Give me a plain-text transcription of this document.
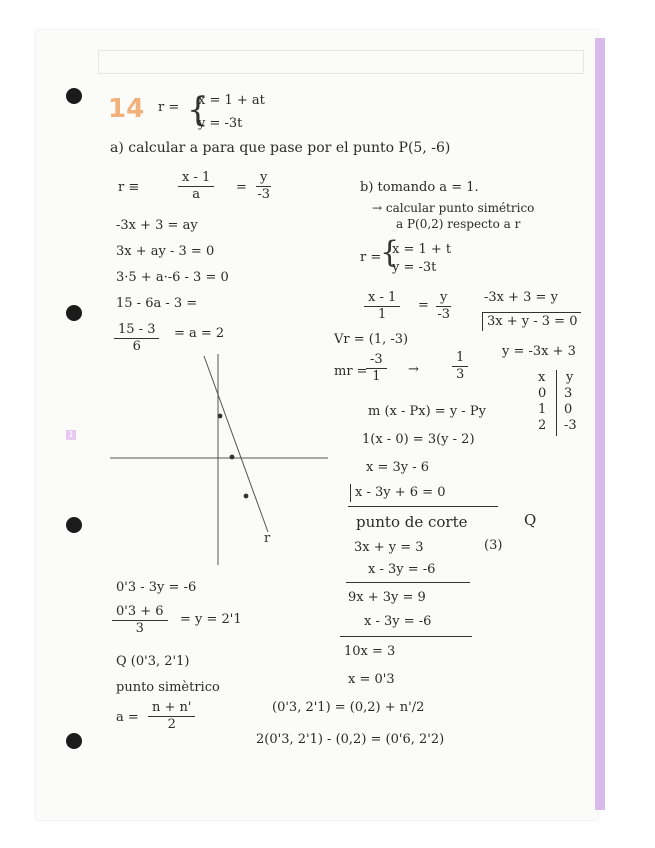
1
14 r = {
x = 1 + at
y = -3t
a) calcular a para que pase por el punto P(5, -6)
r ≡	$\frac{x - 1}{a} = \frac{y}{-3}$
-3x + 3 = ay
3x + ay - 3 = 0
3·5 + a·-6 - 3 = 0
15 - 6a - 3 =
$\frac{15 - 3}{6} = a = 2$
r
0'3 - 3y = -6
$\frac{0'3 + 6}{3} = y = 2'1$
Q (0'3, 2'1)
punto simètrico
$a = \frac{n + n'}{2}$
b) tomando a = 1.
→ calcular punto simétrico
a P(0,2) respecto a r
r =
{
x = 1 + t
y = -3t
$\frac{x - 1}{1} = \frac{y}{-3}$	-3x + 3 = y
3x + y - 3 = 0
Vr = (1, -3)
mr =
$\frac{-3}{1}$ →	$\frac{1}{3}$	y = -3x + 3
x y
0 3
1 0
2 -3
m (x - Px) = y - Py
1(x - 0) = 3(y - 2)
x = 3y - 6
x - 3y + 6 = 0
punto de corte	Q
3x + y = 3	(3)
x - 3y = -6
9x + 3y = 9
x - 3y = -6
10x = 3
x = 0'3
(0'3, 2'1) = (0,2) + n'/2
2(0'3, 2'1) - (0,2) = (0'6, 2'2)
